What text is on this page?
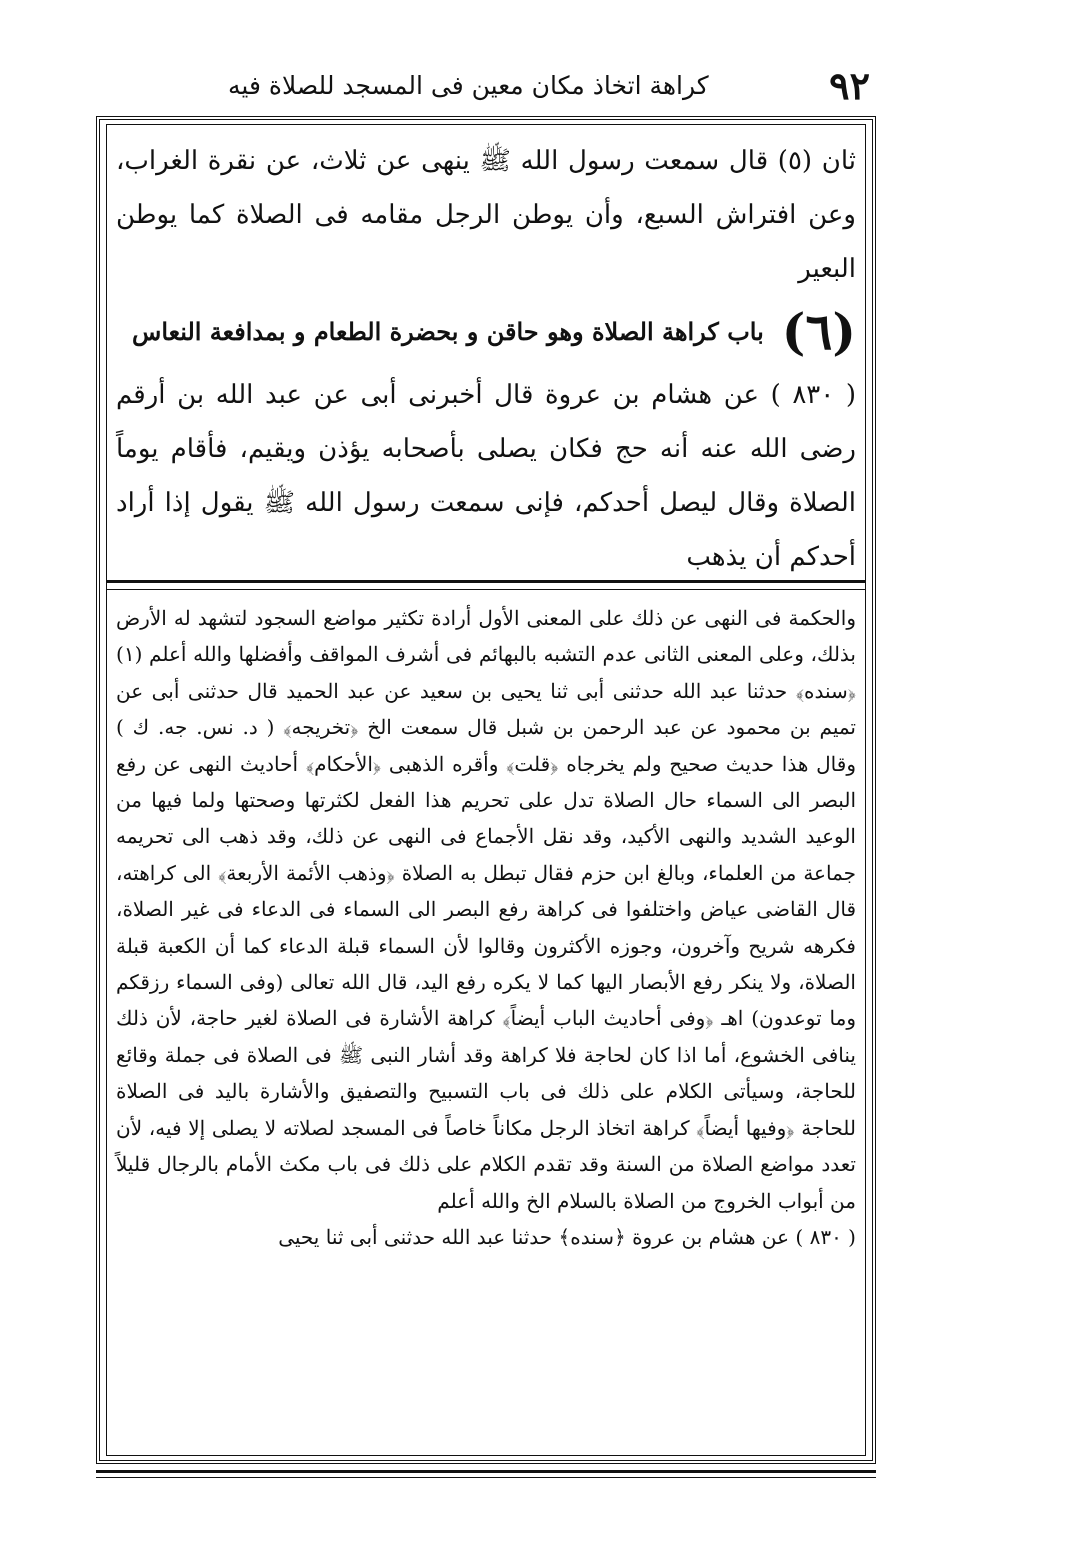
٩٢
كراهة اتخاذ مكان معين فى المسجد للصلاة فيه

ثان (٥) قال سمعت رسول الله ﷺ ينهى عن ثلاث، عن نقرة الغراب، وعن افتراش السبع، وأن يوطن الرجل مقامه فى الصلاة كما يوطن البعير

(٦)
باب كراهة الصلاة وهو حاقن و بحضرة الطعام و بمدافعة النعاس

( ٨٣٠ ) عن هشام بن عروة قال أخبرنى أبى عن عبد الله بن أرقم رضى الله عنه أنه حج فكان يصلى بأصحابه يؤذن ويقيم، فأقام يوماً الصلاة وقال ليصل أحدكم، فإنى سمعت رسول الله ﷺ يقول إذا أراد أحدكم أن يذهب

والحكمة فى النهى عن ذلك على المعنى الأول أرادة تكثير مواضع السجود لتشهد له الأرض بذلك، وعلى المعنى الثانى عدم التشبه بالبهائم فى أشرف المواقف وأفضلها والله أعلم (١) ﴿سنده﴾ حدثنا عبد الله حدثنى أبى ثنا يحيى بن سعيد عن عبد الحميد قال حدثنى أبى عن تميم بن محمود عن عبد الرحمن بن شبل قال سمعت الخ ﴿تخريجه﴾ ( د. نس. جه. ك ) وقال هذا حديث صحيح ولم يخرجاه ﴿قلت﴾ وأقره الذهبى ﴿الأحكام﴾ أحاديث النهى عن رفع البصر الى السماء حال الصلاة تدل على تحريم هذا الفعل لكثرتها وصحتها ولما فيها من الوعيد الشديد والنهى الأكيد، وقد نقل الأجماع فى النهى عن ذلك، وقد ذهب الى تحريمه جماعة من العلماء، وبالغ ابن حزم فقال تبطل به الصلاة ﴿وذهب الأئمة الأربعة﴾ الى كراهته، قال القاضى عياض واختلفوا فى كراهة رفع البصر الى السماء فى الدعاء فى غير الصلاة، فكرهه شريح وآخرون، وجوزه الأكثرون وقالوا لأن السماء قبلة الدعاء كما أن الكعبة قبلة الصلاة، ولا ينكر رفع الأبصار اليها كما لا يكره رفع اليد، قال الله تعالى (وفى السماء رزقكم وما توعدون) اهـ ﴿وفى أحاديث الباب أيضاً﴾ كراهة الأشارة فى الصلاة لغير حاجة، لأن ذلك ينافى الخشوع، أما اذا كان لحاجة فلا كراهة وقد أشار النبى ﷺ فى الصلاة فى جملة وقائع للحاجة، وسيأتى الكلام على ذلك فى باب التسبيح والتصفيق والأشارة باليد فى الصلاة للحاجة ﴿وفيها أيضاً﴾ كراهة اتخاذ الرجل مكاناً خاصاً فى المسجد لصلاته لا يصلى إلا فيه، لأن تعدد مواضع الصلاة من السنة وقد تقدم الكلام على ذلك فى باب مكث الأمام بالرجال قليلاً من أبواب الخروج من الصلاة بالسلام الخ والله أعلم

( ٨٣٠ ) عن هشام بن عروة ﴿سنده﴾ حدثنا عبد الله حدثنى أبى ثنا يحيى
